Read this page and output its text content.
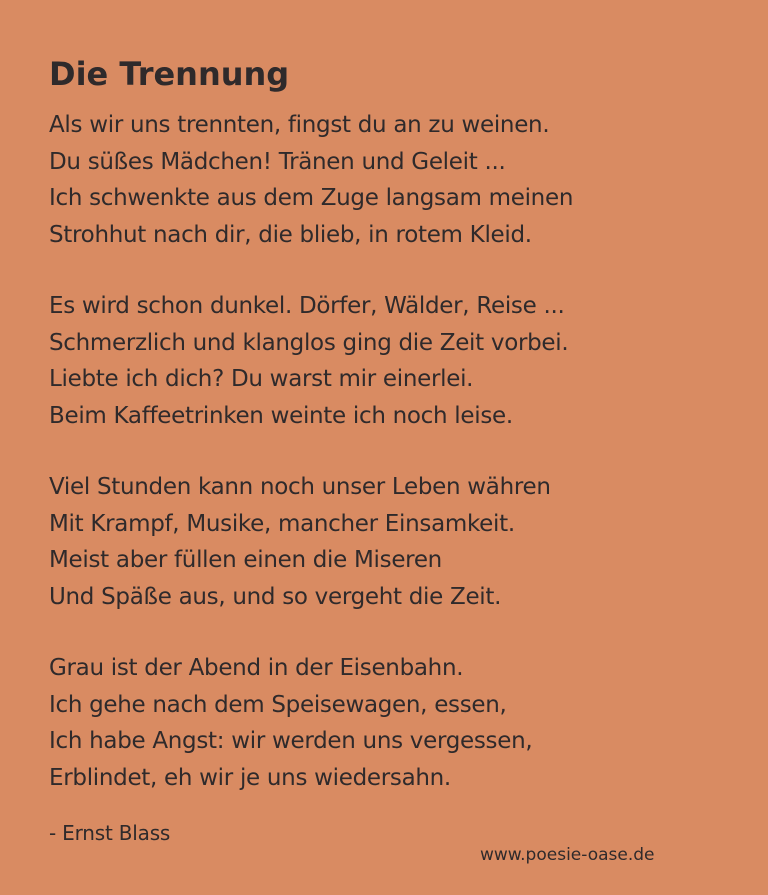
Die Trennung
Als wir uns trennten, fingst du an zu weinen.
Du süßes Mädchen! Tränen und Geleit ...
Ich schwenkte aus dem Zuge langsam meinen
Strohhut nach dir, die blieb, in rotem Kleid.
Es wird schon dunkel. Dörfer, Wälder, Reise ...
Schmerzlich und klanglos ging die Zeit vorbei.
Liebte ich dich? Du warst mir einerlei.
Beim Kaffeetrinken weinte ich noch leise.
Viel Stunden kann noch unser Leben währen
Mit Krampf, Musike, mancher Einsamkeit.
Meist aber füllen einen die Miseren
Und Späße aus, und so vergeht die Zeit.
Grau ist der Abend in der Eisenbahn.
Ich gehe nach dem Speisewagen, essen,
Ich habe Angst: wir werden uns vergessen,
Erblindet, eh wir je uns wiedersahn.
- Ernst Blass
www.poesie-oase.de
